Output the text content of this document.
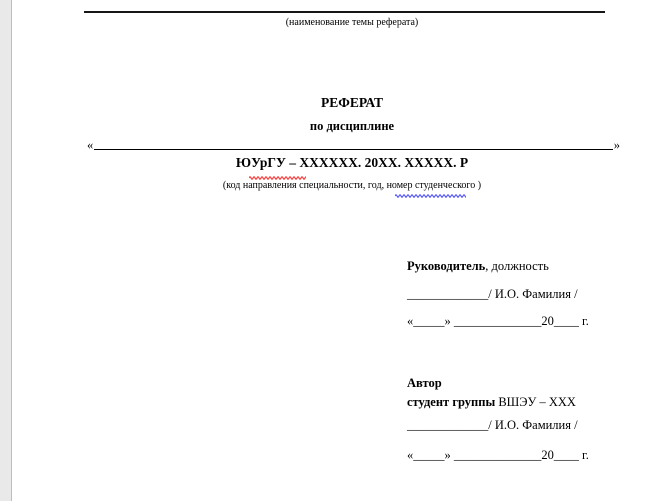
(наименование темы реферата)
РЕФЕРАТ
по дисциплине
«	»
ЮУрГУ – ХХХХХХ. 20ХХ. ХХХХХ. Р
(код направления специальности, год, номер студенческого )
Руководитель, должность
_____________/ И.О. Фамилия /
«_____» ______________20____ г.
Автор
студент группы ВШЭУ – ХХХ
_____________/ И.О. Фамилия /
«_____» ______________20____ г.
